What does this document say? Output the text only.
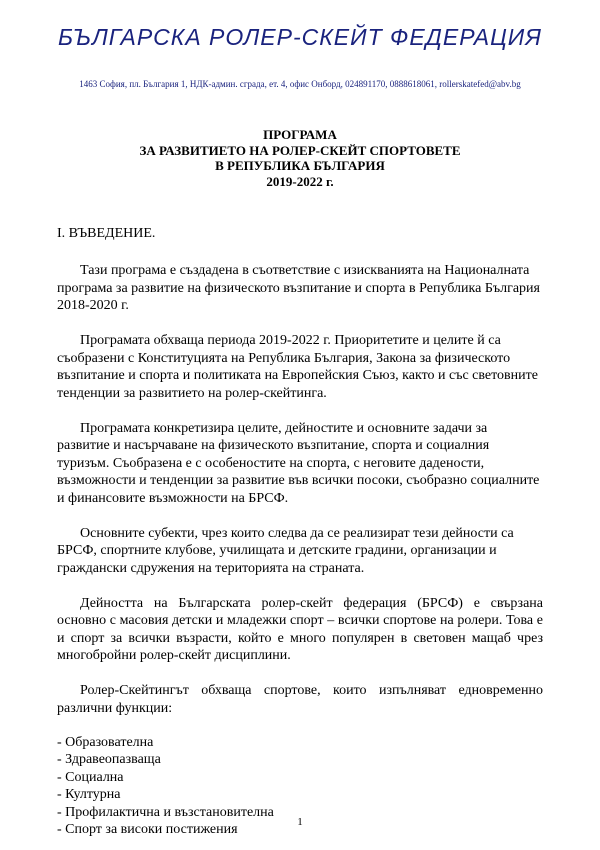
БЪЛГАРСКА РОЛЕР-СКЕЙТ ФЕДЕРАЦИЯ
1463 София, пл. България 1, НДК-админ. сграда, ет. 4, офис Онборд, 024891170, 0888618061, rollerskatefed@abv.bg
ПРОГРАМА
ЗА РАЗВИТИЕТО НА РОЛЕР-СКЕЙТ СПОРТОВЕТЕ
В РЕПУБЛИКА БЪЛГАРИЯ
2019-2022 г.
I. ВЪВЕДЕНИЕ.

Тази програма е създадена в съответствие с изискванията на Националната програма за развитие на физическото възпитание и спорта в Република България 2018-2020 г.

Програмата обхваща периода 2019-2022 г. Приоритетите и целите й са съобразени с Конституцията на Република България, Закона за физическото възпитание и спорта и политиката на Европейския Съюз, както и със световните тенденции за развитието на ролер-скейтинга.

Програмата конкретизира целите, дейностите и основните задачи за развитие и насърчаване на физическото възпитание, спорта и социалния туризъм. Съобразена е с особеностите на спорта, с неговите дадености, възможности и тенденции за развитие във всички посоки, съобразно социалните и финансовите възможности на БРСФ.

Основните субекти, чрез които следва да се реализират тези дейности са БРСФ, спортните клубове, училищата и детските градини, организации и граждански сдружения на територията на страната.

Дейността на Българската ролер-скейт федерация (БРСФ) е свързана основно с масовия детски и младежки спорт – всички спортове на ролери. Това е и спорт за всички възрасти, който е много популярен в световен мащаб чрез многобройни ролер-скейт дисциплини.

Ролер-Скейтингът обхваща спортове, които изпълняват едновременно различни функции:

- Образователна
- Здравеопазваща
- Социална
- Културна
- Профилактична и възстановителна
- Спорт за високи постижения	1
